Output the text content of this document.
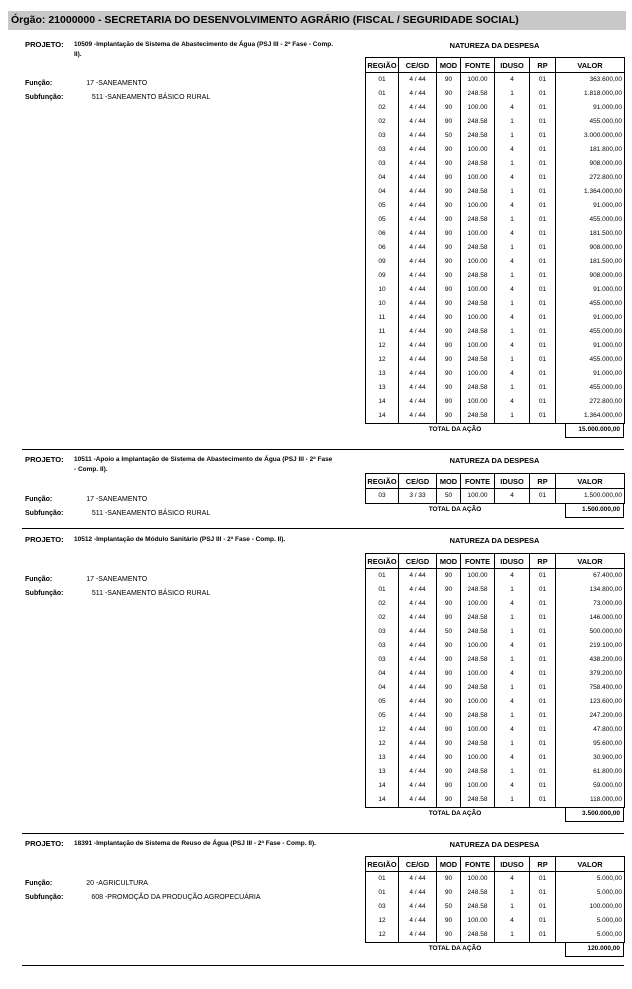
Órgão: 21000000 - SECRETARIA DO DESENVOLVIMENTO AGRÁRIO (FISCAL / SEGURIDADE SOCIAL)
PROJETO: 10509 -Implantação de Sistema de Abastecimento de Água (PSJ III - 2ª Fase - Comp. II).
Função:	17 -SANEAMENTO
Subfunção:	511 -SANEAMENTO BÁSICO RURAL
NATUREZA DA DESPESA
REGIÃO	CE/GD	MOD	FONTE	IDUSO	RP	VALOR
01	4 / 44	90	100.00	4	01	363.600,00
01	4 / 44	90	248.58	1	01	1.818.000,00
02	4 / 44	90	100.00	4	01	91.000,00
02	4 / 44	90	248.58	1	01	455.000,00
03	4 / 44	50	248.58	1	01	3.000.000,00
03	4 / 44	90	100.00	4	01	181.800,00
03	4 / 44	90	248.58	1	01	908.000,00
04	4 / 44	90	100.00	4	01	272.800,00
04	4 / 44	90	248.58	1	01	1.364.000,00
05	4 / 44	90	100.00	4	01	91.000,00
05	4 / 44	90	248.58	1	01	455.000,00
06	4 / 44	90	100.00	4	01	181.500,00
06	4 / 44	90	248.58	1	01	908.000,00
09	4 / 44	90	100.00	4	01	181.500,00
09	4 / 44	90	248.58	1	01	908.000,00
10	4 / 44	90	100.00	4	01	91.000,00
10	4 / 44	90	248.58	1	01	455.000,00
11	4 / 44	90	100.00	4	01	91.000,00
11	4 / 44	90	248.58	1	01	455.000,00
12	4 / 44	90	100.00	4	01	91.000,00
12	4 / 44	90	248.58	1	01	455.000,00
13	4 / 44	90	100.00	4	01	91.000,00
13	4 / 44	90	248.58	1	01	455.000,00
14	4 / 44	90	100.00	4	01	272.800,00
14	4 / 44	90	248.58	1	01	1.364.000,00
TOTAL DA AÇÃO	15.000.000,00
PROJETO: 10511 -Apoio a Implantação de Sistema de Abastecimento de Água (PSJ III - 2ª Fase - Comp. II).
Função:	17 -SANEAMENTO
Subfunção:	511 -SANEAMENTO BÁSICO RURAL
NATUREZA DA DESPESA
REGIÃO	CE/GD	MOD	FONTE	IDUSO	RP	VALOR
03	3 / 33	50	100.00	4	01	1.500.000,00
TOTAL DA AÇÃO	1.500.000,00
PROJETO: 10512 -Implantação de Módulo Sanitário (PSJ III - 2ª Fase - Comp. II).
Função:	17 -SANEAMENTO
Subfunção:	511 -SANEAMENTO BÁSICO RURAL
NATUREZA DA DESPESA
REGIÃO	CE/GD	MOD	FONTE	IDUSO	RP	VALOR
01	4 / 44	90	100.00	4	01	67.400,00
01	4 / 44	90	248.58	1	01	134.800,00
02	4 / 44	90	100.00	4	01	73.000,00
02	4 / 44	90	248.58	1	01	146.000,00
03	4 / 44	50	248.58	1	01	500.000,00
03	4 / 44	90	100.00	4	01	219.100,00
03	4 / 44	90	248.58	1	01	438.200,00
04	4 / 44	90	100.00	4	01	379.200,00
04	4 / 44	90	248.58	1	01	758.400,00
05	4 / 44	90	100.00	4	01	123.600,00
05	4 / 44	90	248.58	1	01	247.200,00
12	4 / 44	90	100.00	4	01	47.800,00
12	4 / 44	90	248.58	1	01	95.600,00
13	4 / 44	90	100.00	4	01	30.900,00
13	4 / 44	90	248.58	1	01	61.800,00
14	4 / 44	90	100.00	4	01	59.000,00
14	4 / 44	90	248.58	1	01	118.000,00
TOTAL DA AÇÃO	3.500.000,00
PROJETO: 18391 -Implantação de Sistema de Reuso de Água (PSJ III - 2ª Fase - Comp. II).
Função:	20 -AGRICULTURA
Subfunção:	608 -PROMOÇÃO DA PRODUÇÃO AGROPECUÁRIA
NATUREZA DA DESPESA
REGIÃO	CE/GD	MOD	FONTE	IDUSO	RP	VALOR
01	4 / 44	90	100.00	4	01	5.000,00
01	4 / 44	90	248.58	1	01	5.000,00
03	4 / 44	50	248.58	1	01	100.000,00
12	4 / 44	90	100.00	4	01	5.000,00
12	4 / 44	90	248.58	1	01	5.000,00
TOTAL DA AÇÃO	120.000,00
